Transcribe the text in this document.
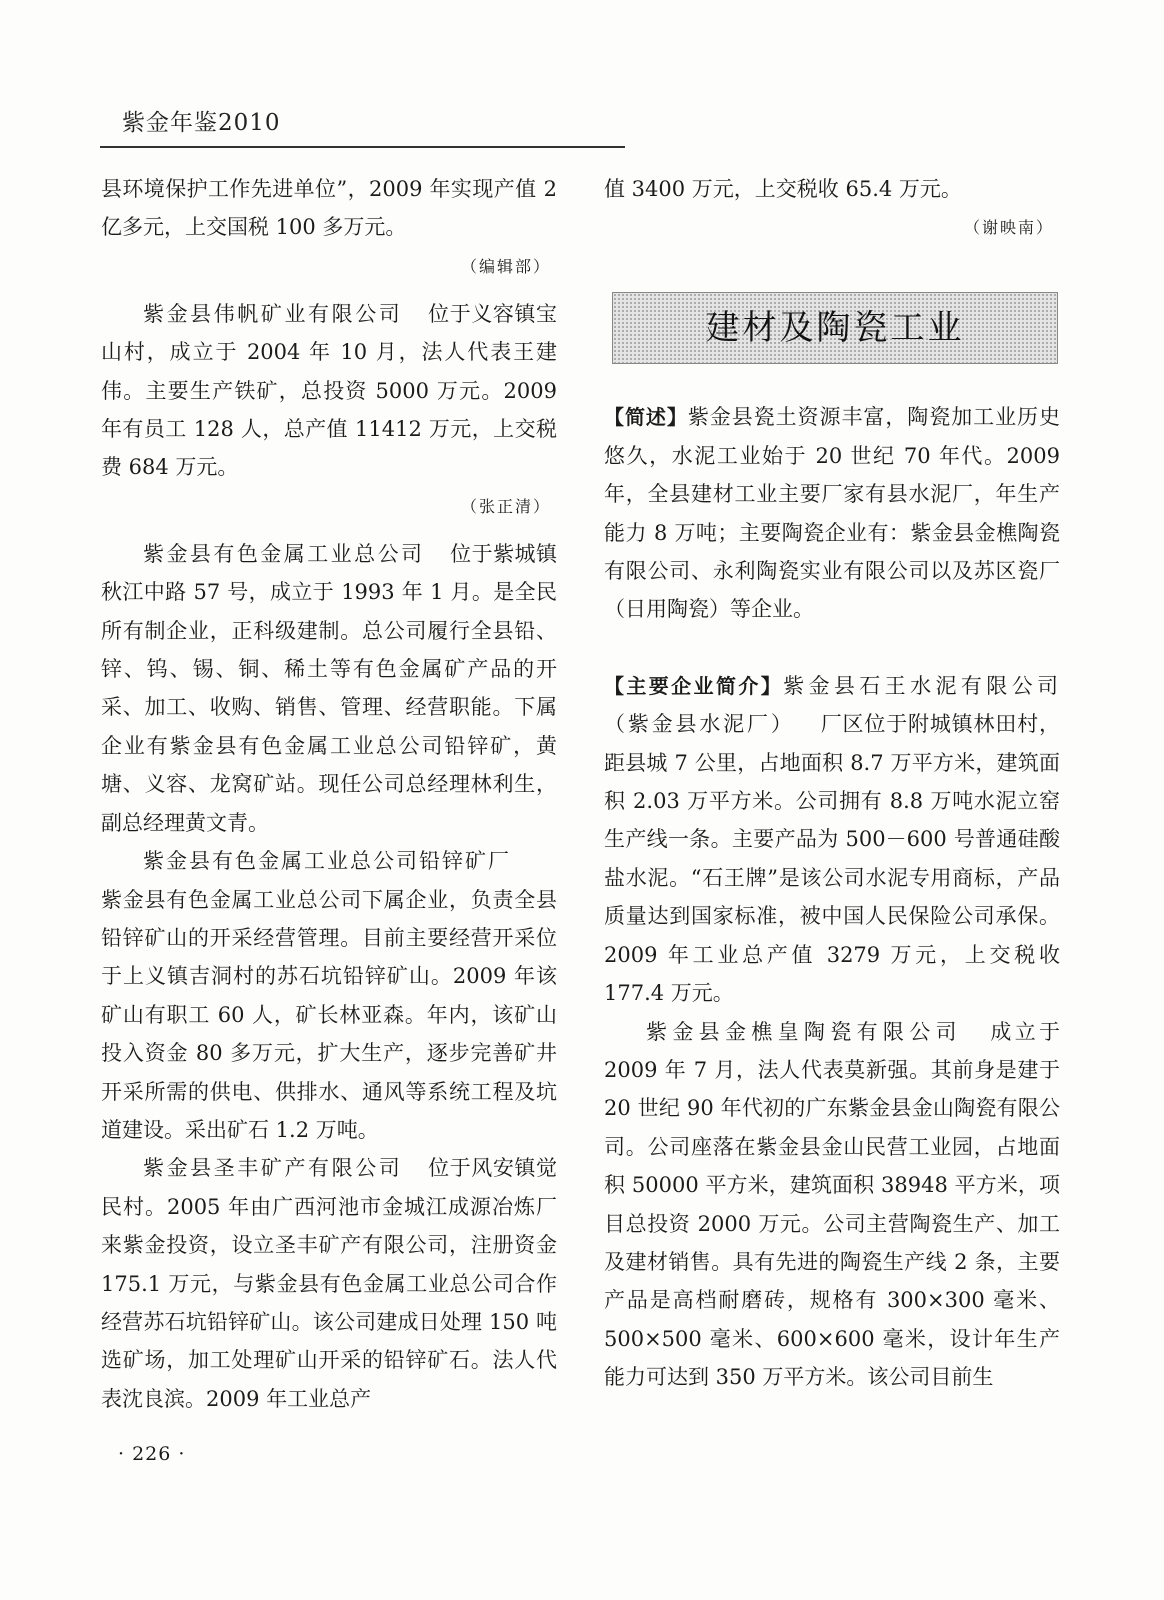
紫金年鉴2010

县环境保护工作先进单位”，2009 年实现产值 2 亿多元，上交国税 100 多万元。

（编辑部）

紫金县伟帆矿业有限公司 位于义容镇宝山村，成立于 2004 年 10 月，法人代表王建伟。主要生产铁矿，总投资 5000 万元。2009 年有员工 128 人，总产值 11412 万元，上交税费 684 万元。

（张正清）

紫金县有色金属工业总公司 位于紫城镇秋江中路 57 号，成立于 1993 年 1 月。是全民所有制企业，正科级建制。总公司履行全县铅、锌、钨、锡、铜、稀土等有色金属矿产品的开采、加工、收购、销售、管理、经营职能。下属企业有紫金县有色金属工业总公司铅锌矿，黄塘、义容、龙窝矿站。现任公司总经理林利生，副总经理黄文青。

紫金县有色金属工业总公司铅锌矿厂

紫金县有色金属工业总公司下属企业，负责全县铅锌矿山的开采经营管理。目前主要经营开采位于上义镇吉洞村的苏石坑铅锌矿山。2009 年该矿山有职工 60 人，矿长林亚森。年内，该矿山投入资金 80 多万元，扩大生产，逐步完善矿井开采所需的供电、供排水、通风等系统工程及坑道建设。采出矿石 1.2 万吨。

紫金县圣丰矿产有限公司 位于风安镇觉民村。2005 年由广西河池市金城江成源冶炼厂来紫金投资，设立圣丰矿产有限公司，注册资金 175.1 万元，与紫金县有色金属工业总公司合作经营苏石坑铅锌矿山。该公司建成日处理 150 吨选矿场，加工处理矿山开采的铅锌矿石。法人代表沈良滨。2009 年工业总产

值 3400 万元，上交税收 65.4 万元。

（谢映南）
建材及陶瓷工业

【简述】紫金县瓷土资源丰富，陶瓷加工业历史悠久，水泥工业始于 20 世纪 70 年代。2009 年，全县建材工业主要厂家有县水泥厂，年生产能力 8 万吨；主要陶瓷企业有：紫金县金樵陶瓷有限公司、永利陶瓷实业有限公司以及苏区瓷厂（日用陶瓷）等企业。

【主要企业简介】紫金县石王水泥有限公司（紫金县水泥厂） 厂区位于附城镇林田村，距县城 7 公里，占地面积 8.7 万平方米，建筑面积 2.03 万平方米。公司拥有 8.8 万吨水泥立窑生产线一条。主要产品为 500－600 号普通硅酸盐水泥。“石王牌”是该公司水泥专用商标，产品质量达到国家标准，被中国人民保险公司承保。2009 年工业总产值 3279 万元，上交税收 177.4 万元。

紫金县金樵皇陶瓷有限公司 成立于 2009 年 7 月，法人代表莫新强。其前身是建于 20 世纪 90 年代初的广东紫金县金山陶瓷有限公司。公司座落在紫金县金山民营工业园，占地面积 50000 平方米，建筑面积 38948 平方米，项目总投资 2000 万元。公司主营陶瓷生产、加工及建材销售。具有先进的陶瓷生产线 2 条，主要产品是高档耐磨砖，规格有 300×300 毫米、500×500 毫米、600×600 毫米，设计年生产能力可达到 350 万平方米。该公司目前生

· 226 ·
